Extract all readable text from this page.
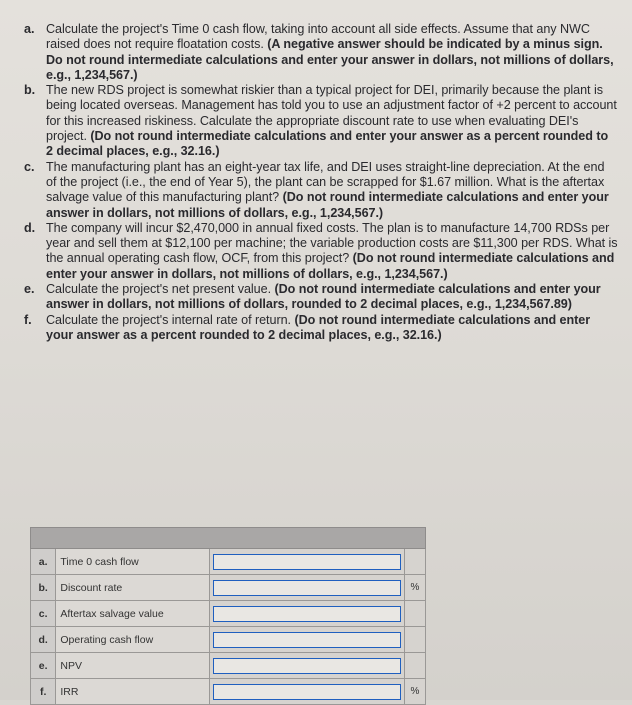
a. Calculate the project's Time 0 cash flow, taking into account all side effects. Assume that any NWC raised does not require floatation costs. (A negative answer should be indicated by a minus sign. Do not round intermediate calculations and enter your answer in dollars, not millions of dollars, e.g., 1,234,567.)

b. The new RDS project is somewhat riskier than a typical project for DEI, primarily because the plant is being located overseas. Management has told you to use an adjustment factor of +2 percent to account for this increased riskiness. Calculate the appropriate discount rate to use when evaluating DEI's project. (Do not round intermediate calculations and enter your answer as a percent rounded to 2 decimal places, e.g., 32.16.)

c. The manufacturing plant has an eight-year tax life, and DEI uses straight-line depreciation. At the end of the project (i.e., the end of Year 5), the plant can be scrapped for $1.67 million. What is the aftertax salvage value of this manufacturing plant? (Do not round intermediate calculations and enter your answer in dollars, not millions of dollars, e.g., 1,234,567.)

d. The company will incur $2,470,000 in annual fixed costs. The plan is to manufacture 14,700 RDSs per year and sell them at $12,100 per machine; the variable production costs are $11,300 per RDS. What is the annual operating cash flow, OCF, from this project? (Do not round intermediate calculations and enter your answer in dollars, not millions of dollars, e.g., 1,234,567.)

e. Calculate the project's net present value. (Do not round intermediate calculations and enter your answer in dollars, not millions of dollars, rounded to 2 decimal places, e.g., 1,234,567.89)

f. Calculate the project's internal rate of return. (Do not round intermediate calculations and enter your answer as a percent rounded to 2 decimal places, e.g., 32.16.)

a.	Time 0 cash flow	

b.	Discount rate		%
c.	Aftertax salvage value	

d.	Operating cash flow	

e.	NPV	

f.	IRR		%
